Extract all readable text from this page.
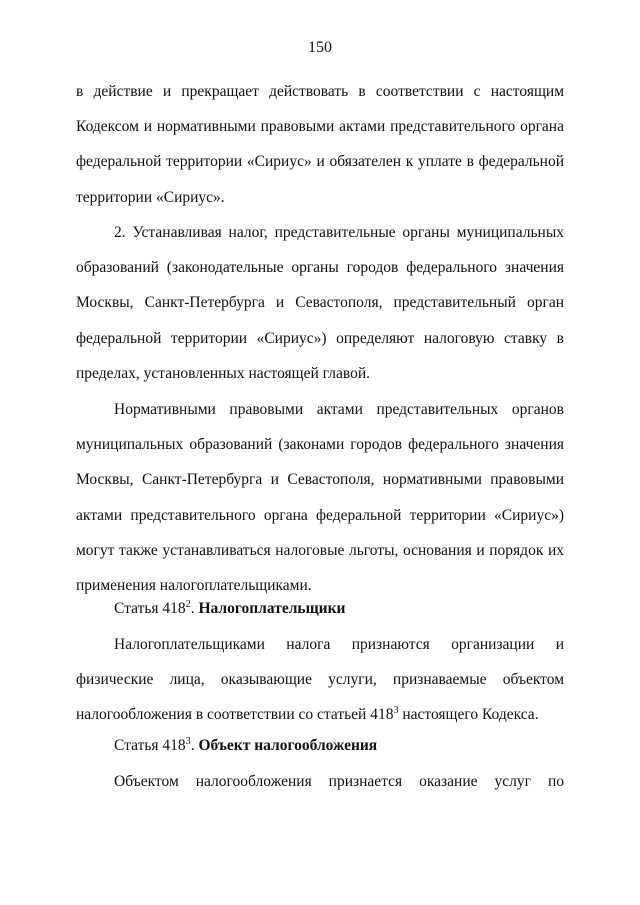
150

в действие и прекращает действовать в соответствии с настоящим Кодексом и нормативными правовыми актами представительного органа федеральной территории «Сириус» и обязателен к уплате в федеральной территории «Сириус».

2. Устанавливая налог, представительные органы муниципальных образований (законодательные органы городов федерального значения Москвы, Санкт-Петербурга и Севастополя, представительный орган федеральной территории «Сириус») определяют налоговую ставку в пределах, установленных настоящей главой.

Нормативными правовыми актами представительных органов муниципальных образований (законами городов федерального значения Москвы, Санкт-Петербурга и Севастополя, нормативными правовыми актами представительного органа федеральной территории «Сириус») могут также устанавливаться налоговые льготы, основания и порядок их применения налогоплательщиками.

Статья $418^2$. Налогоплательщики

Налогоплательщиками налога признаются организации и физические лица, оказывающие услуги, признаваемые объектом налогообложения в соответствии со статьей $418^3$ настоящего Кодекса.

Статья $418^3$. Объект налогообложения

Объектом налогообложения признается оказание услуг по
